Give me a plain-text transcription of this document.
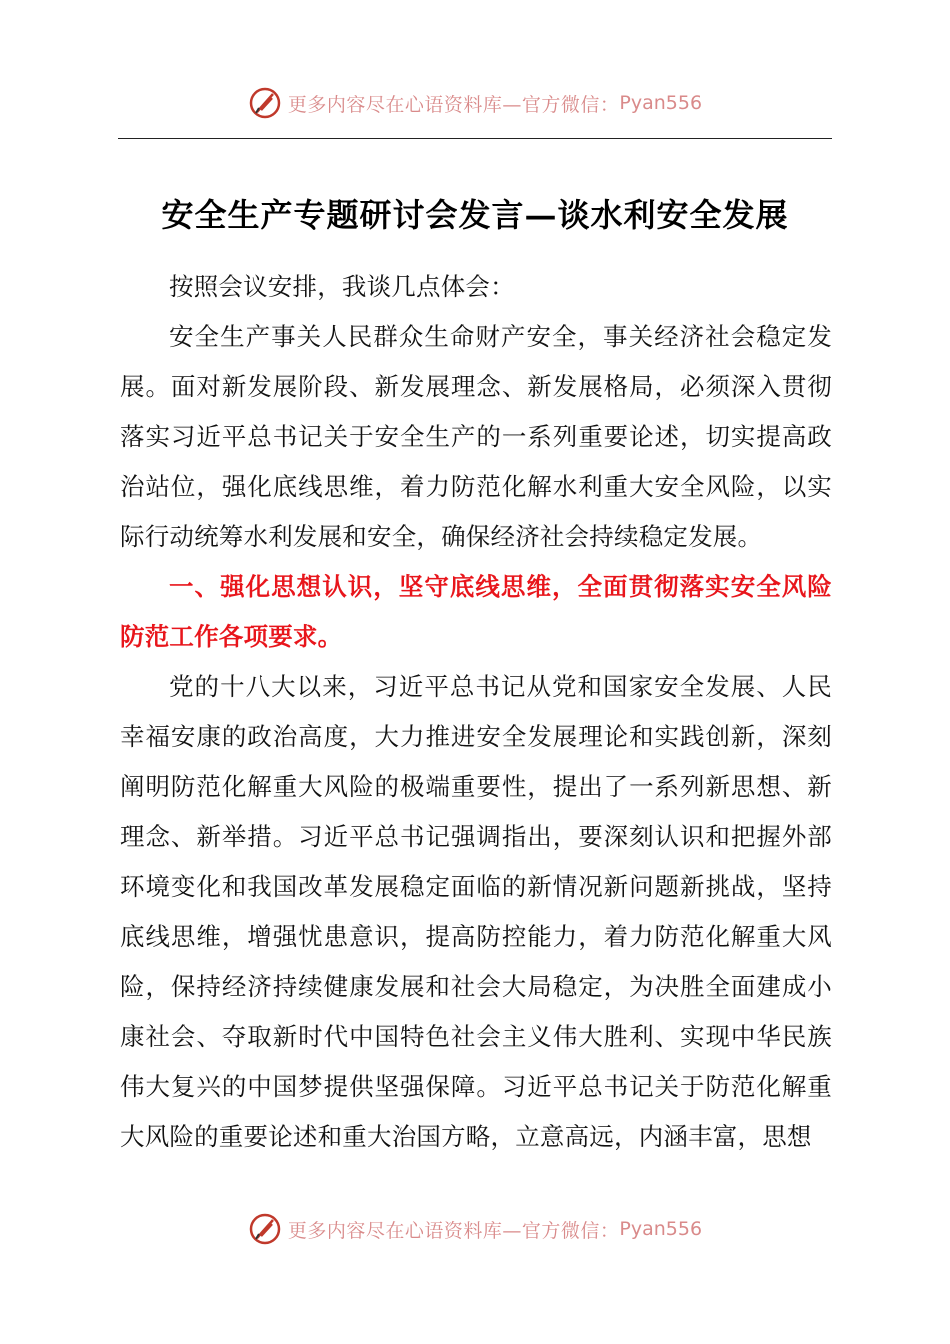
更多内容尽在心语资料库—官方微信： Pyan556
安全生产专题研讨会发言—谈水利安全发展

按照会议安排，我谈几点体会：

安全生产事关人民群众生命财产安全，事关经济社会稳定发展。面对新发展阶段、新发展理念、新发展格局，必须深入贯彻落实习近平总书记关于安全生产的一系列重要论述，切实提高政治站位，强化底线思维，着力防范化解水利重大安全风险，以实际行动统筹水利发展和安全，确保经济社会持续稳定发展。

一、强化思想认识，坚守底线思维，全面贯彻落实安全风险防范工作各项要求。

党的十八大以来，习近平总书记从党和国家安全发展、人民幸福安康的政治高度，大力推进安全发展理论和实践创新，深刻阐明防范化解重大风险的极端重要性，提出了一系列新思想、新理念、新举措。习近平总书记强调指出，要深刻认识和把握外部环境变化和我国改革发展稳定面临的新情况新问题新挑战，坚持底线思维，增强忧患意识，提高防控能力，着力防范化解重大风险，保持经济持续健康发展和社会大局稳定，为决胜全面建成小康社会、夺取新时代中国特色社会主义伟大胜利、实现中华民族伟大复兴的中国梦提供坚强保障。习近平总书记关于防范化解重大风险的重要论述和重大治国方略，立意高远，内涵丰富，思想

更多内容尽在心语资料库—官方微信： Pyan556
